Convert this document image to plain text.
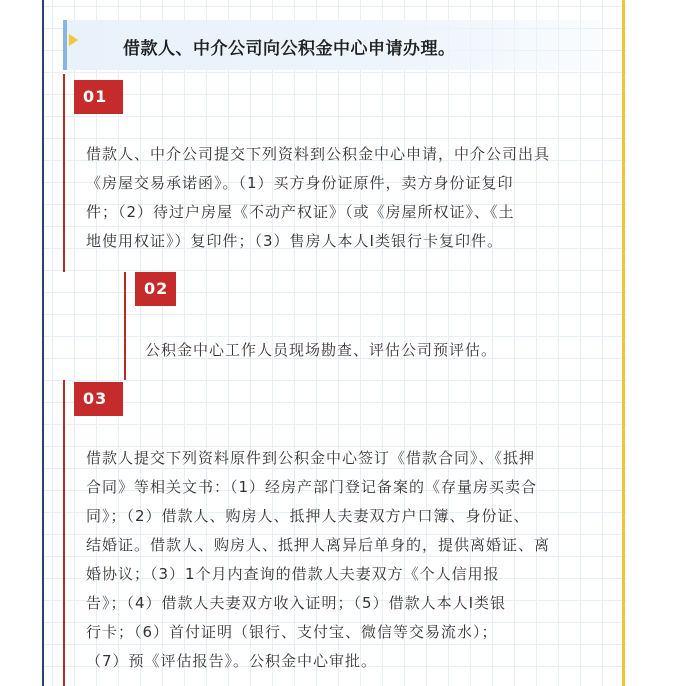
借款人、中介公司向公积金中心申请办理。
01
借款人、中介公司提交下列资料到公积金中心申请，中介公司出具
《房屋交易承诺函》。（1）买方身份证原件，卖方身份证复印
件；（2）待过户房屋《不动产权证》（或《房屋所权证》、《土
地使用权证》）复印件；（3）售房人本人Ⅰ类银行卡复印件。
02
公积金中心工作人员现场勘查、评估公司预评估。
03
借款人提交下列资料原件到公积金中心签订《借款合同》、《抵押
合同》等相关文书：（1）经房产部门登记备案的《存量房买卖合
同》；（2）借款人、购房人、抵押人夫妻双方户口簿、身份证、
结婚证。借款人、购房人、抵押人离异后单身的，提供离婚证、离
婚协议；（3）1个月内查询的借款人夫妻双方《个人信用报
告》；（4）借款人夫妻双方收入证明；（5）借款人本人Ⅰ类银
行卡；（6）首付证明（银行、支付宝、微信等交易流水）；
（7）预《评估报告》。公积金中心审批。
